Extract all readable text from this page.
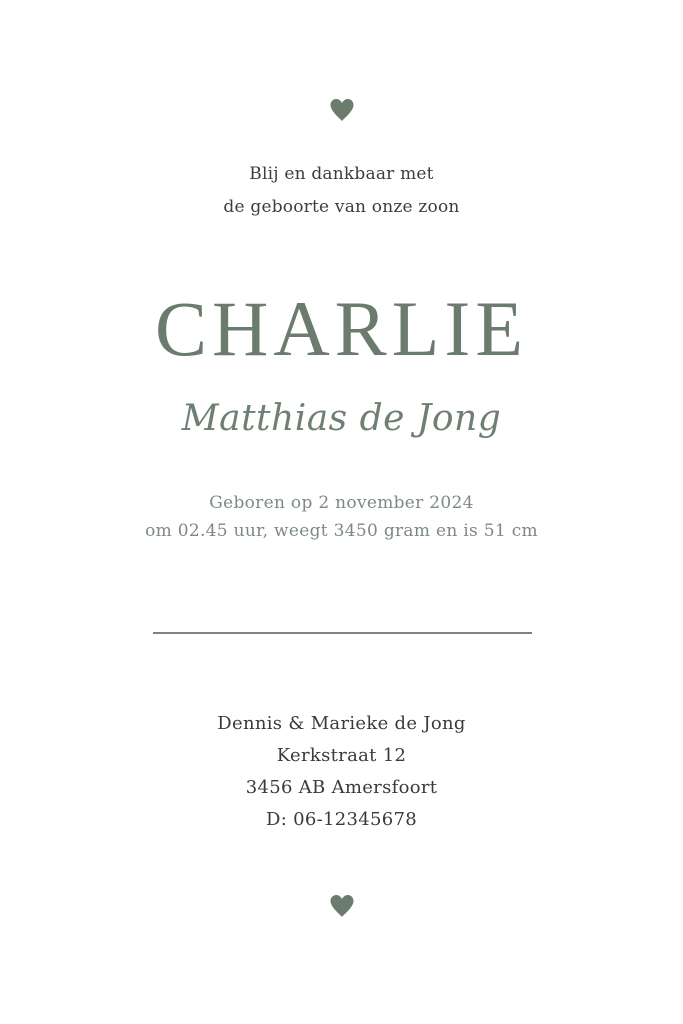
Blij en dankbaar met
de geboorte van onze zoon
CHARLIE
Matthias de Jong
Geboren op 2 november 2024
om 02.45 uur, weegt 3450 gram en is 51 cm
Dennis & Marieke de Jong
Kerkstraat 12
3456 AB Amersfoort
D: 06-12345678
